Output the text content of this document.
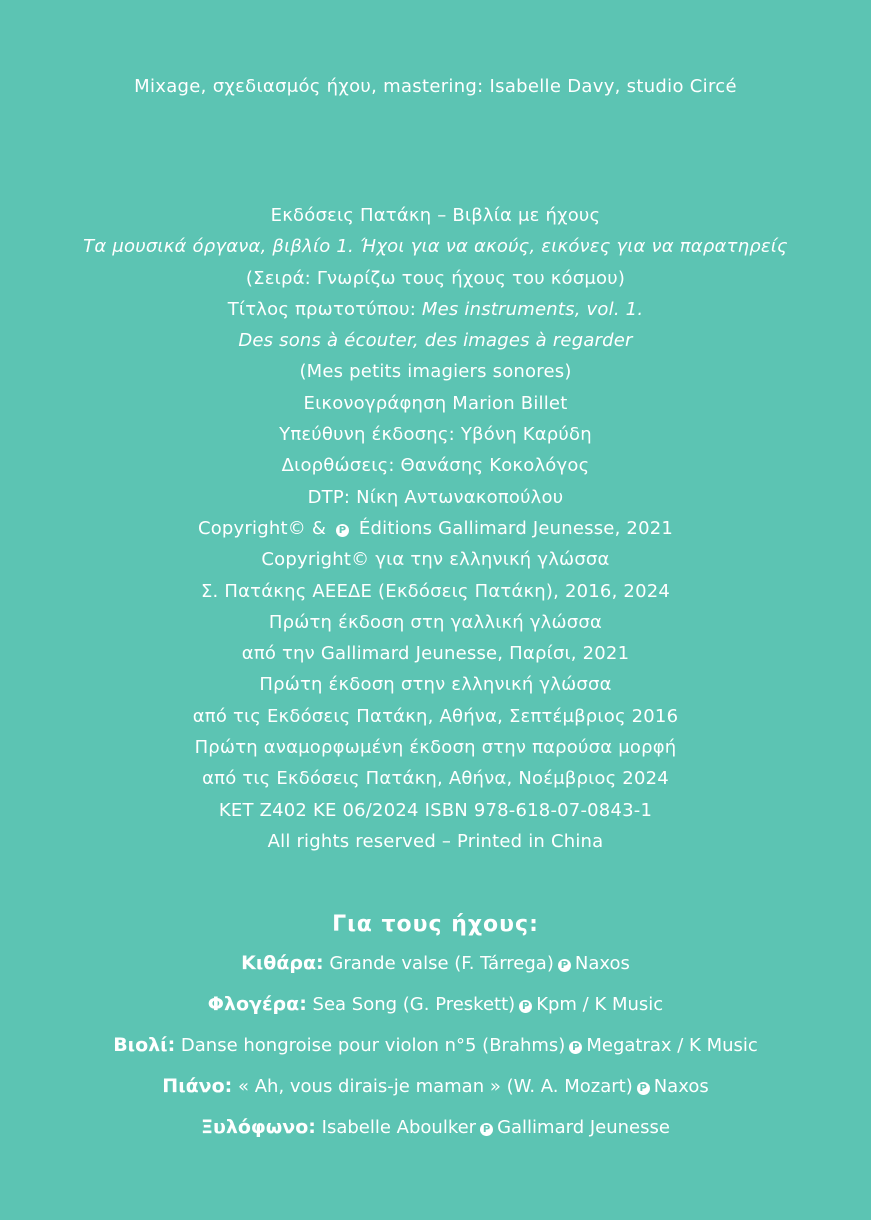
Mixage, σχεδιασμός ήχου, mastering: Isabelle Davy, studio Circé
Εκδόσεις Πατάκη – Βιβλία με ήχους
Τα μουσικά όργανα, βιβλίο 1. Ήχοι για να ακούς, εικόνες για να παρατηρείς
(Σειρά: Γνωρίζω τους ήχους του κόσμου)
Τίτλος πρωτοτύπου: Mes instruments, vol. 1.
Des sons à écouter, des images à regarder
(Mes petits imagiers sonores)
Εικονογράφηση Marion Billet
Υπεύθυνη έκδοσης: Υβόνη Καρύδη
Διορθώσεις: Θανάσης Κοκολόγος
DTP: Νίκη Αντωνακοπούλου
Copyright© & P Éditions Gallimard Jeunesse, 2021
Copyright© για την ελληνική γλώσσα
Σ. Πατάκης ΑΕΕΔΕ (Εκδόσεις Πατάκη), 2016, 2024
Πρώτη έκδοση στη γαλλική γλώσσα
από την Gallimard Jeunesse, Παρίσι, 2021
Πρώτη έκδοση στην ελληνική γλώσσα
από τις Εκδόσεις Πατάκη, Αθήνα, Σεπτέμβριος 2016
Πρώτη αναμορφωμένη έκδοση στην παρούσα μορφή
από τις Εκδόσεις Πατάκη, Αθήνα, Νοέμβριος 2024
ΚΕΤ Ζ402 ΚΕ 06/2024 ISBN 978-618-07-0843-1
All rights reserved – Printed in China
Για τους ήχους:
Κιθάρα: Grande valse (F. Tárrega) P Naxos
Φλογέρα: Sea Song (G. Preskett) P Kpm / K Music
Βιολί: Danse hongroise pour violon n°5 (Brahms) P Megatrax / K Music
Πιάνο: « Ah, vous dirais-je maman » (W. A. Mozart) P Naxos
Ξυλόφωνο: Isabelle Aboulker P Gallimard Jeunesse
